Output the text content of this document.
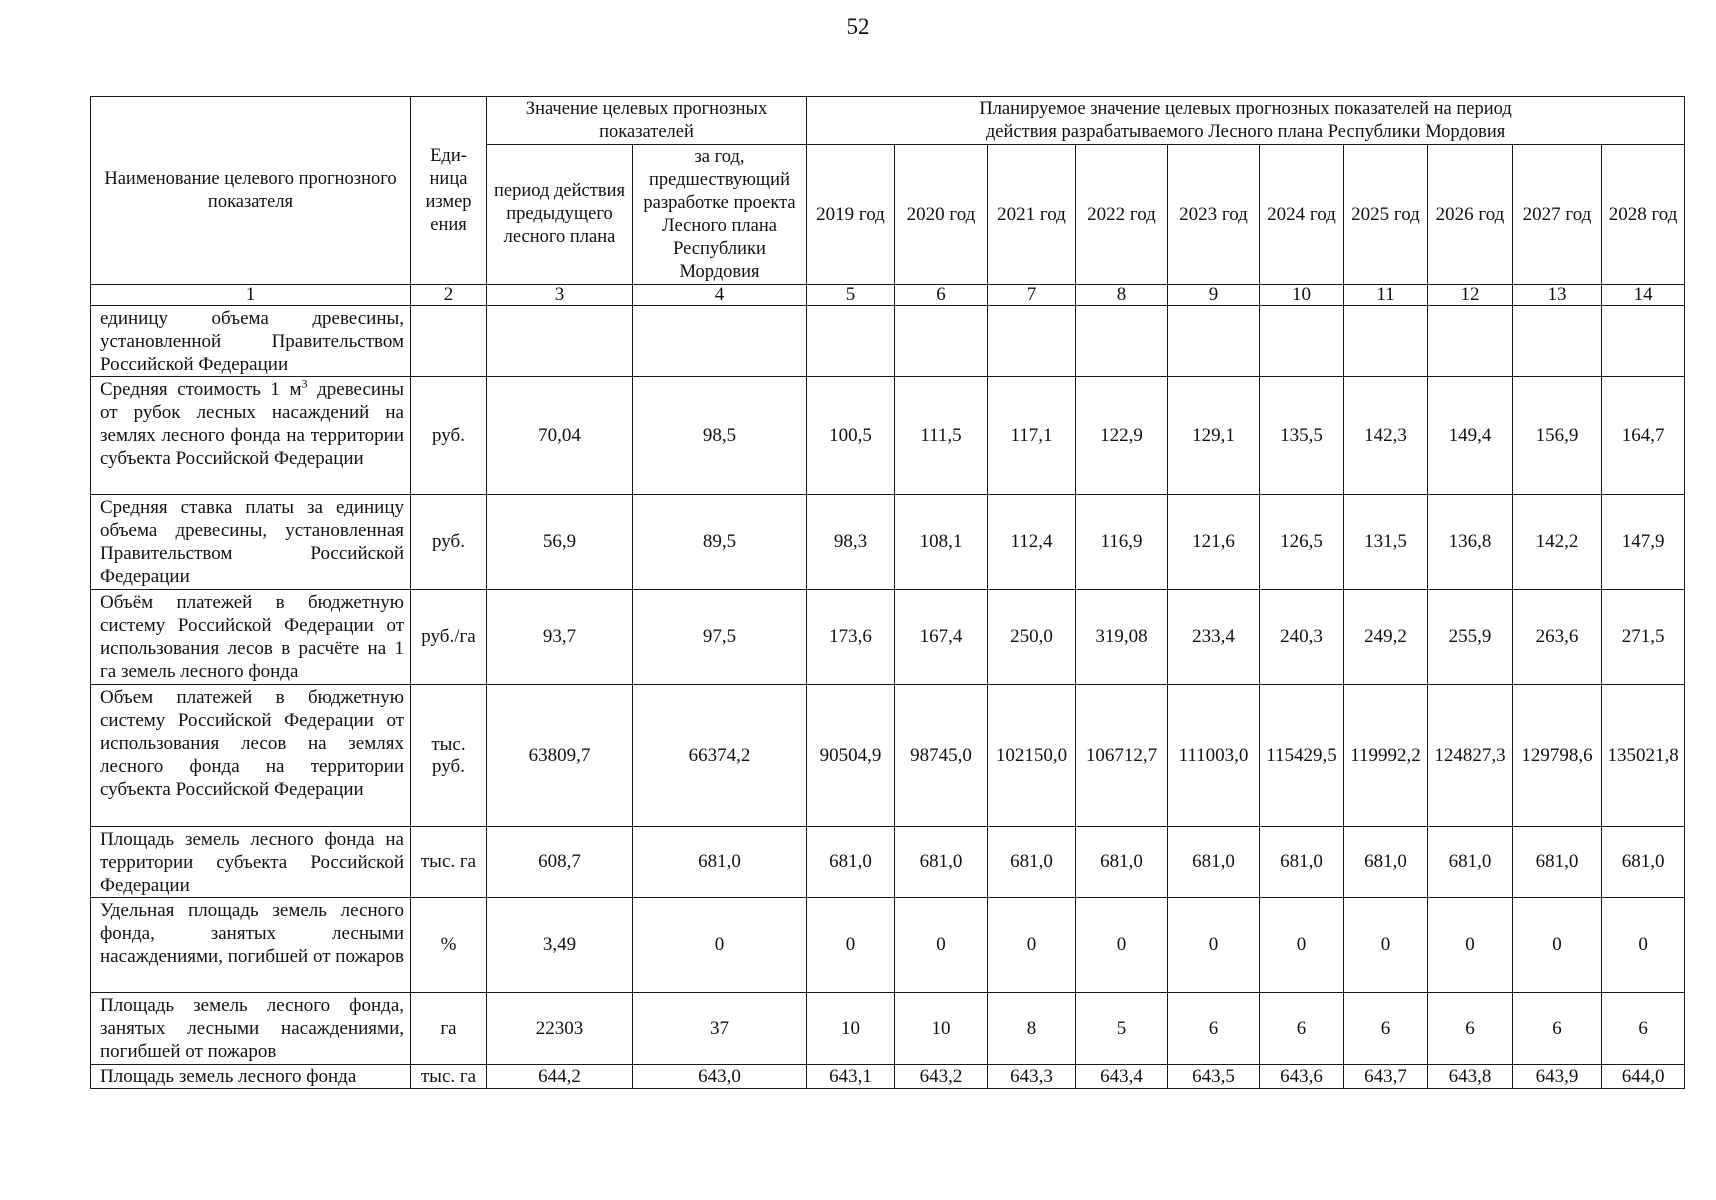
52
Наименование целевого прогнозного показателя	Еди-ница измер ения	Значение целевых прогнозных показателей		Планируемое значение целевых прогнозных показателей на период действия разрабатываемого Лесного плана Республики Мордовия									
		период действия предыдущего лесного плана	за год, предшествующий разработке проекта Лесного плана Республики Мордовия	2019 год	2020 год	2021 год	2022 год	2023 год	2024 год	2025 год	2026 год	2027 год	2028 год
1	2	3	4	5	6	7	8	9	10	11	12	13	14
единицу объема древесины, установленной Правительством Российской Федерации													
Средняя стоимость 1 $м^3$ древесины от рубок лесных насаждений на землях лесного фонда на территории субъекта Российской Федерации	руб.	70,04	98,5	100,5	111,5	117,1	122,9	129,1	135,5	142,3	149,4	156,9	164,7
Средняя ставка платы за единицу объема древесины, установленная Правительством Российской Федерации	руб.	56,9	89,5	98,3	108,1	112,4	116,9	121,6	126,5	131,5	136,8	142,2	147,9
Объём платежей в бюджетную систему Российской Федерации от использования лесов в расчёте на 1 га земель лесного фонда	руб./га	93,7	97,5	173,6	167,4	250,0	319,08	233,4	240,3	249,2	255,9	263,6	271,5
Объем платежей в бюджетную систему Российской Федерации от использования лесов на землях лесного фонда на территории субъекта Российской Федерации	тыс. руб.	63809,7	66374,2	90504,9	98745,0	102150,0	106712,7	111003,0	115429,5	119992,2	124827,3	129798,6	135021,8
Площадь земель лесного фонда на территории субъекта Российской Федерации	тыс. га	608,7	681,0	681,0	681,0	681,0	681,0	681,0	681,0	681,0	681,0	681,0	681,0
Удельная площадь земель лесного фонда, занятых лесными насаждениями, погибшей от пожаров	%	3,49	0	0	0	0	0	0	0	0	0	0	0
Площадь земель лесного фонда, занятых лесными насаждениями, погибшей от пожаров	га	22303	37	10	10	8	5	6	6	6	6	6	6
Площадь земель лесного фонда	тыс. га	644,2	643,0	643,1	643,2	643,3	643,4	643,5	643,6	643,7	643,8	643,9	644,0
